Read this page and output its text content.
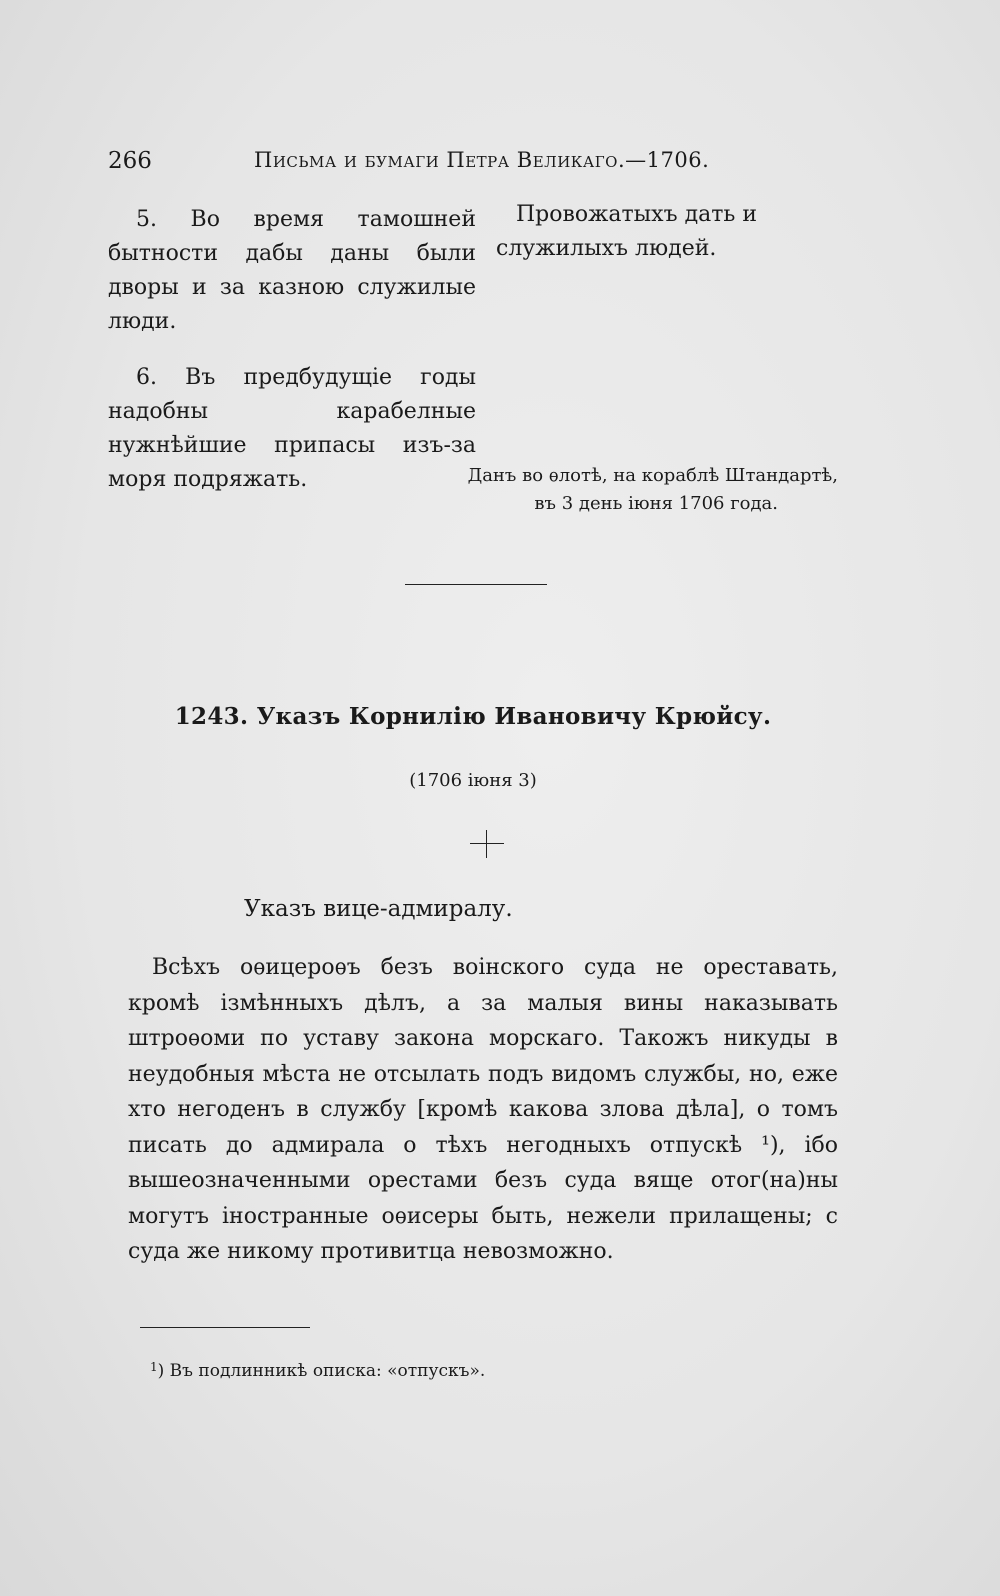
266	Письма и бумаги Петра Великаго.—1706.

5. Во время тамошней бытности дабы даны были дворы и за казною служилые люди.

6. Въ предбудущіе годы надобны карабелные нужнѣйшие припасы изъ-за моря подряжать.

Провожатыхъ дать и служилыхъ людей.

Данъ во ѳлотѣ, на кораблѣ Штандартѣ,
въ 3 день іюня 1706 года.
1243. Указъ Корнилію Ивановичу Крюйсу.
(1706 іюня 3)
Указъ вице-адмиралу.

Всѣхъ оѳицероѳъ безъ воінского суда не ореставать, кромѣ ізмѣнныхъ дѣлъ, а за малыя вины наказывать штроѳоми по уставу закона морскаго. Такожъ никуды в неудобныя мѣста не отсылать подъ видомъ службы, но, еже хто негоденъ в службу [кромѣ какова злова дѣла], о томъ писать до адмирала о тѣхъ негодныхъ отпускѣ ¹), ібо вышеозначенными орестами безъ суда вяще отог(на)ны могутъ іностранные оѳисеры быть, нежели прилащены; с суда же никому противитца невозможно.

$^1$) Въ подлинникѣ описка: «отпускъ».
